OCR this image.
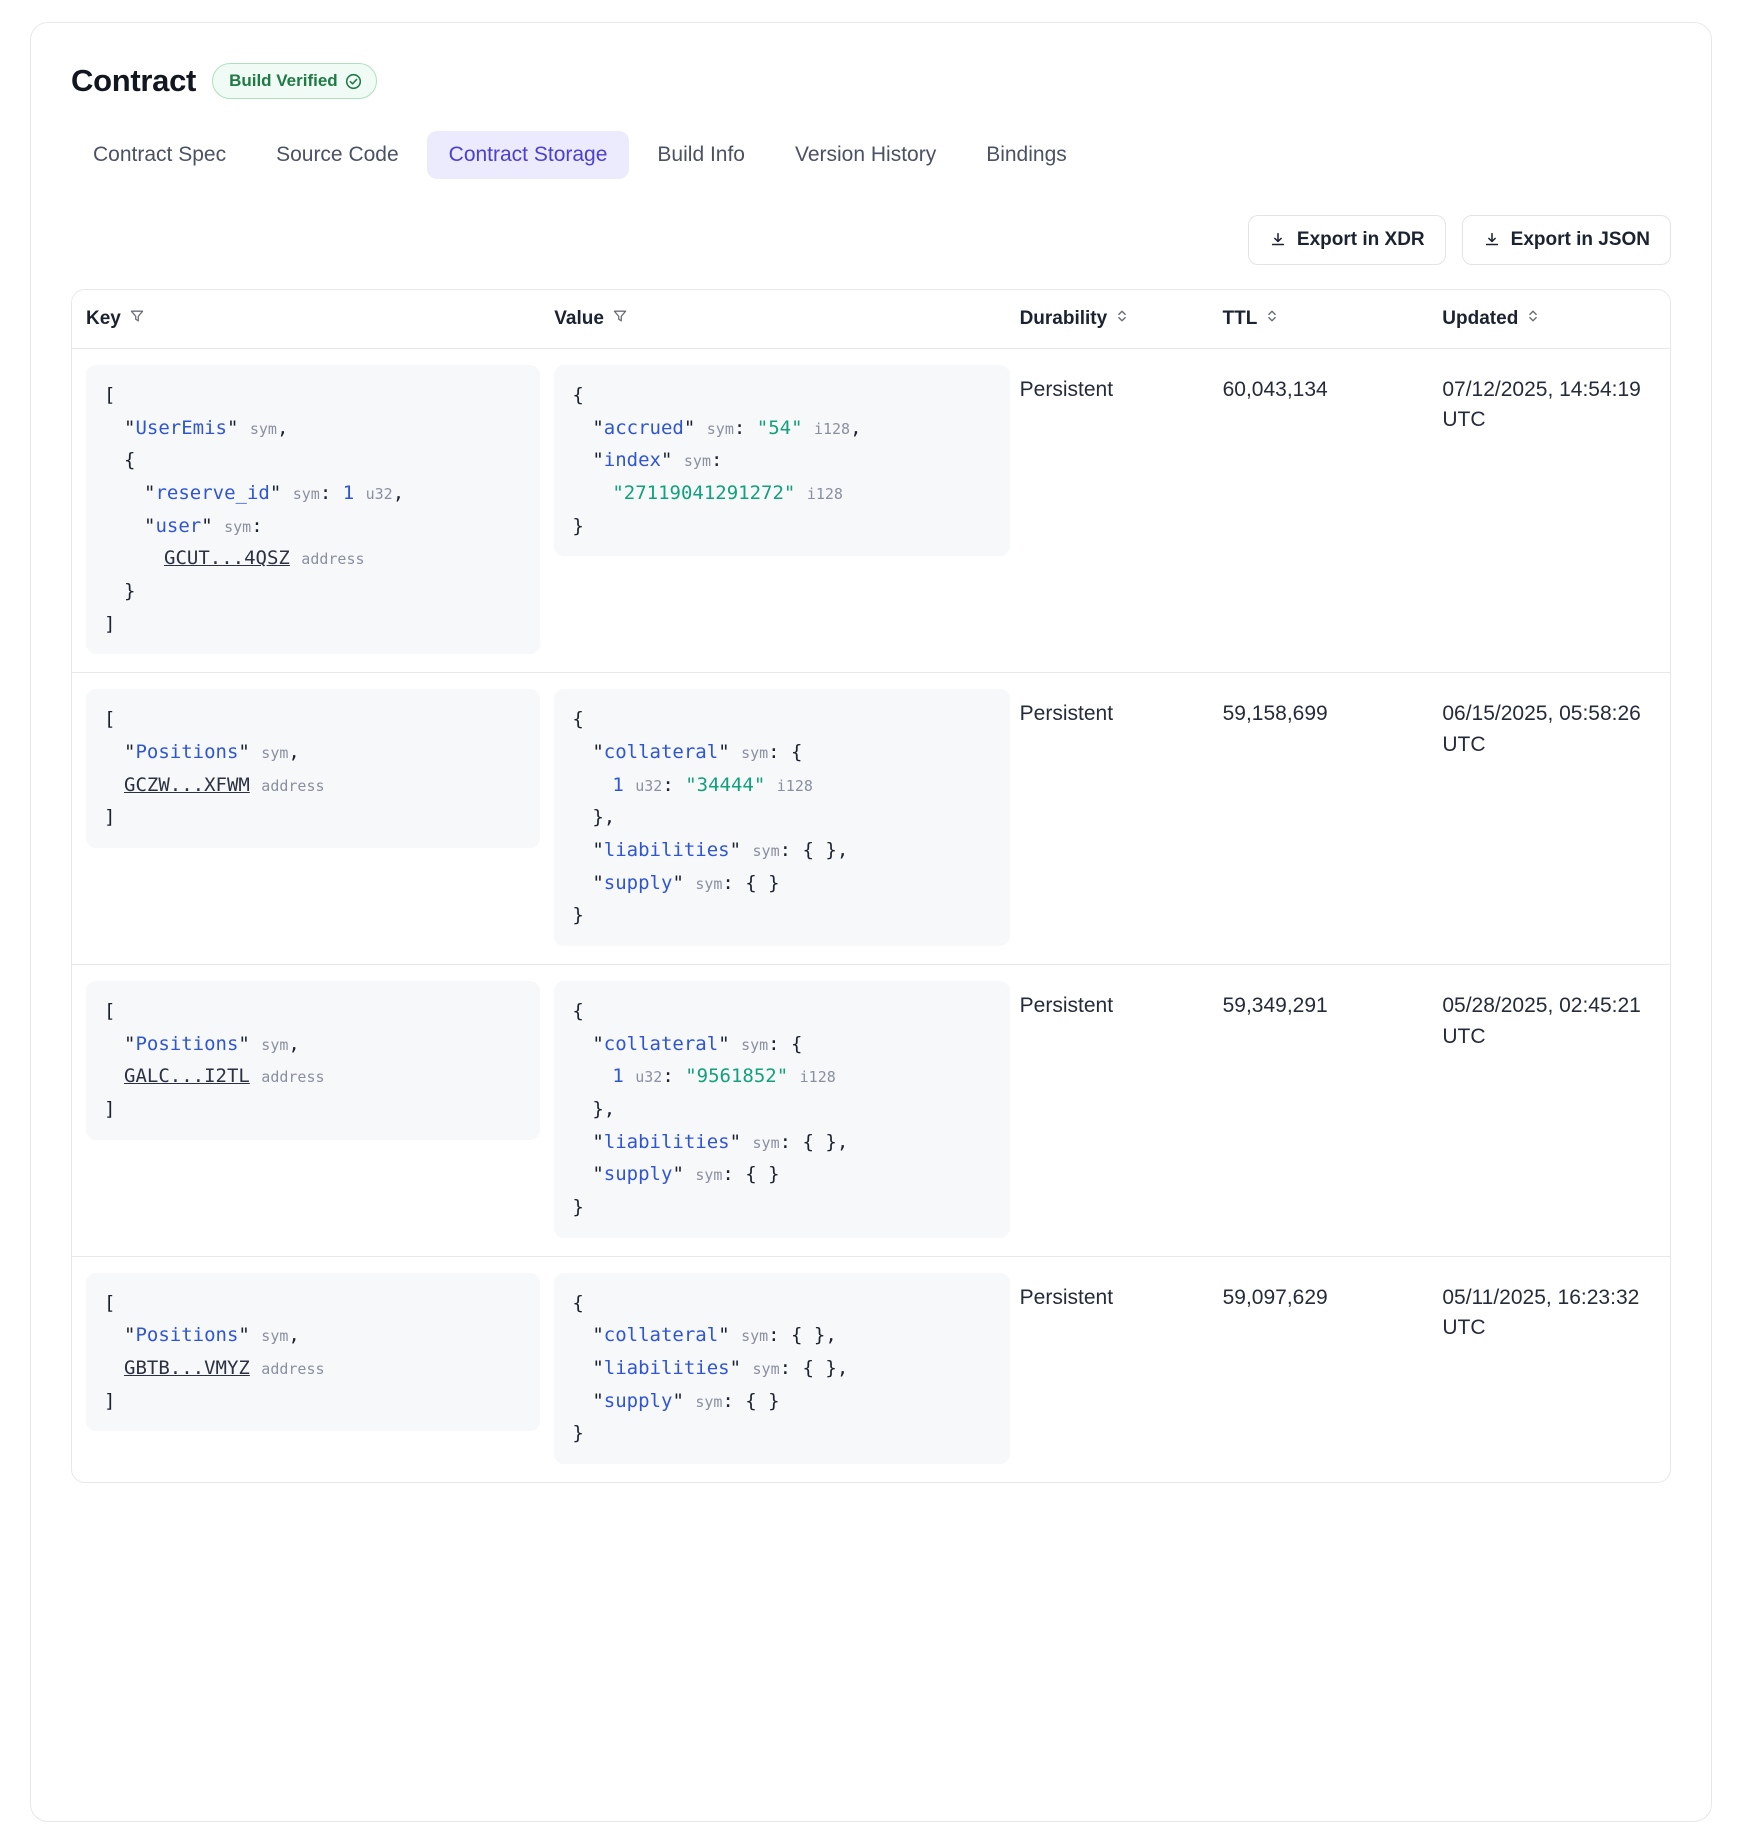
Contract Build Verified
Contract Spec	Source Code	Contract Storage	Build Info	Version History	Bindings
Export in XDR	Export in JSON
Key	Value	Durability	TTL	Updated
[
"UserEmis" sym,
{
"reserve_id" sym: 1 u32,
"user" sym:
GCUT...4QSZ address
}
]
{
"accrued" sym: "54" i128,
"index" sym:
"27119041291272" i128
}
Persistent	60,043,134	07/12/2025, 14:54:19 UTC
[
"Positions" sym,
GCZW...XFWM address
]
{
"collateral" sym: {
1 u32: "34444" i128
},
"liabilities" sym: { },
"supply" sym: { }
}
Persistent	59,158,699	06/15/2025, 05:58:26 UTC
[
"Positions" sym,
GALC...I2TL address
]
{
"collateral" sym: {
1 u32: "9561852" i128
},
"liabilities" sym: { },
"supply" sym: { }
}
Persistent	59,349,291	05/28/2025, 02:45:21 UTC
[
"Positions" sym,
GBTB...VMYZ address
]
{
"collateral" sym: { },
"liabilities" sym: { },
"supply" sym: { }
}
Persistent	59,097,629	05/11/2025, 16:23:32 UTC
